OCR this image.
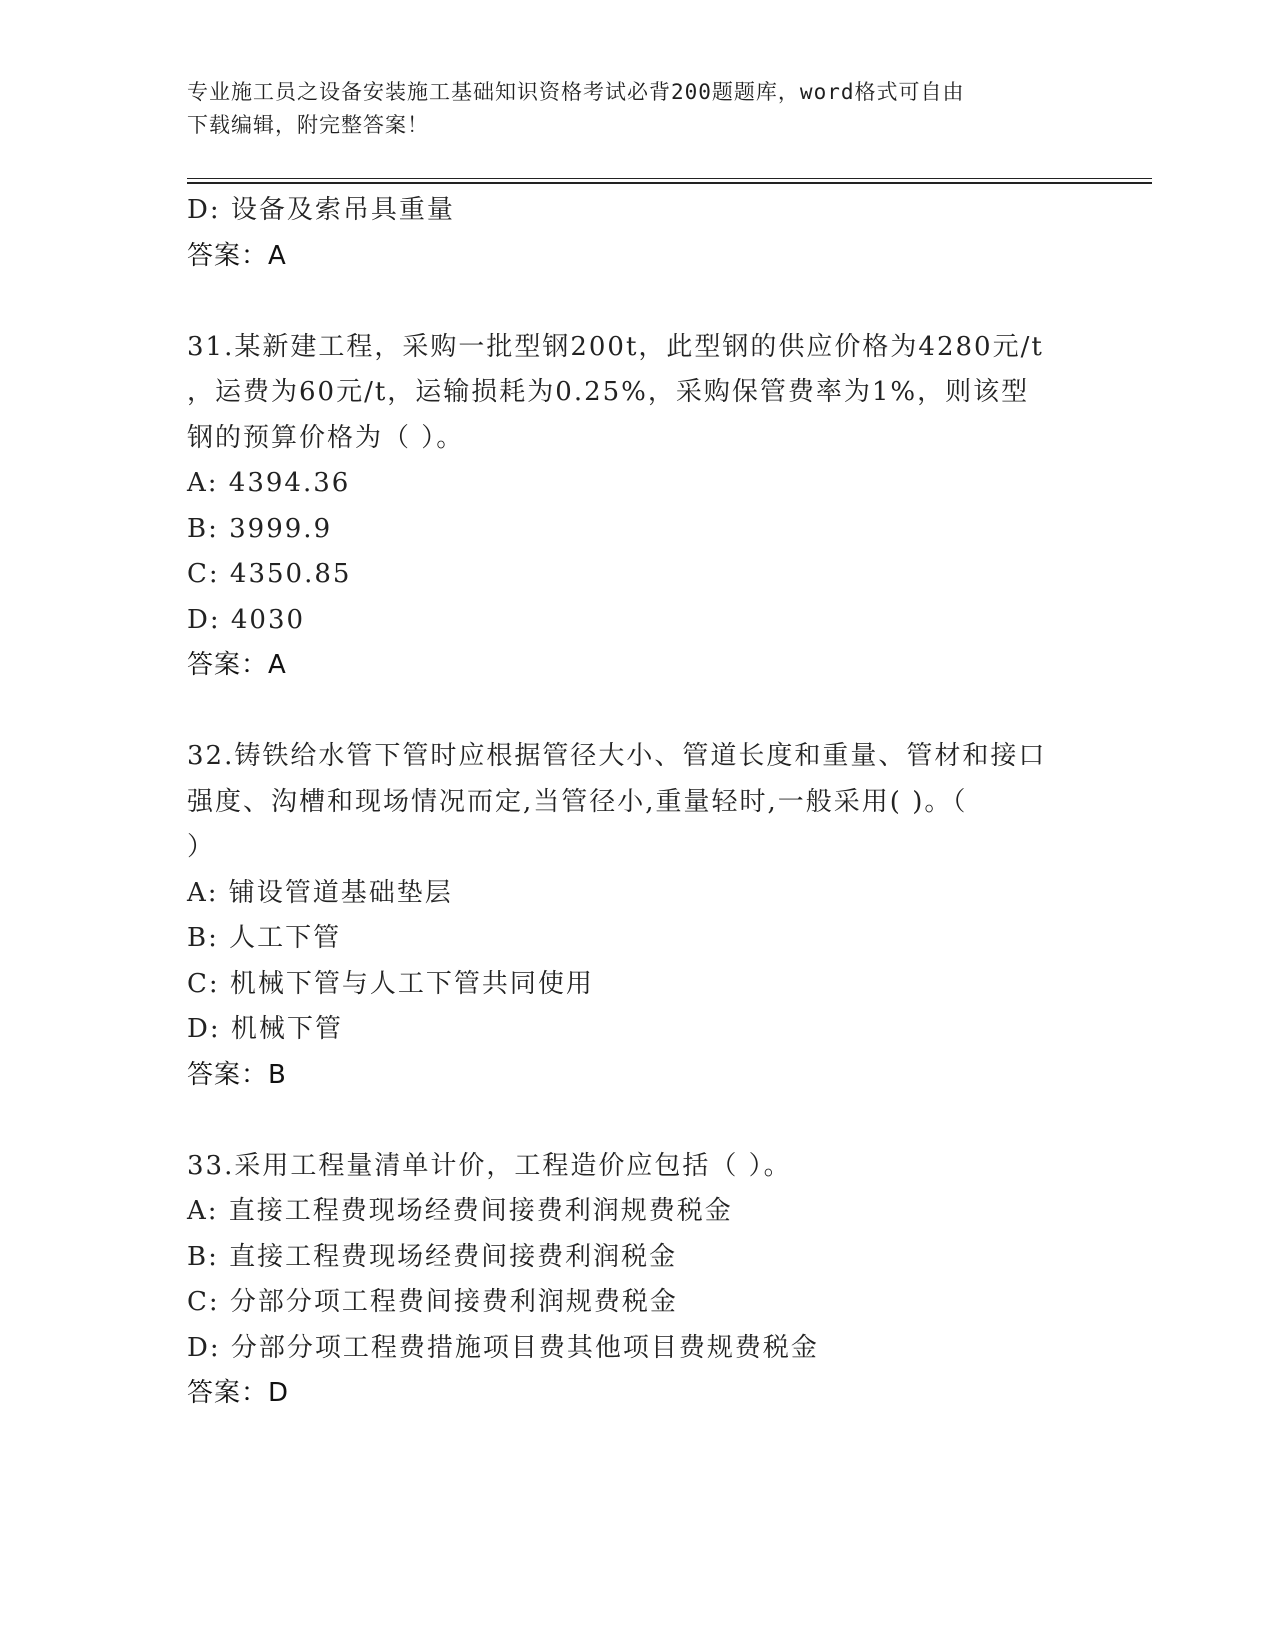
专业施工员之设备安装施工基础知识资格考试必背200题题库，word格式可自由
下载编辑，附完整答案！
D: 设备及索吊具重量
答案：A
31.某新建工程，采购一批型钢200t，此型钢的供应价格为4280元/t
，运费为60元/t，运输损耗为0.25%，采购保管费率为1%，则该型
钢的预算价格为（ ）。
A: 4394.36
B: 3999.9
C: 4350.85
D: 4030
答案：A
32.铸铁给水管下管时应根据管径大小、管道长度和重量、管材和接口
强度、沟槽和现场情况而定,当管径小,重量轻时,一般采用( )。（
）
A: 铺设管道基础垫层
B: 人工下管
C: 机械下管与人工下管共同使用
D: 机械下管
答案：B
33.采用工程量清单计价，工程造价应包括（ ）。
A: 直接工程费现场经费间接费利润规费税金
B: 直接工程费现场经费间接费利润税金
C: 分部分项工程费间接费利润规费税金
D: 分部分项工程费措施项目费其他项目费规费税金
答案：D
